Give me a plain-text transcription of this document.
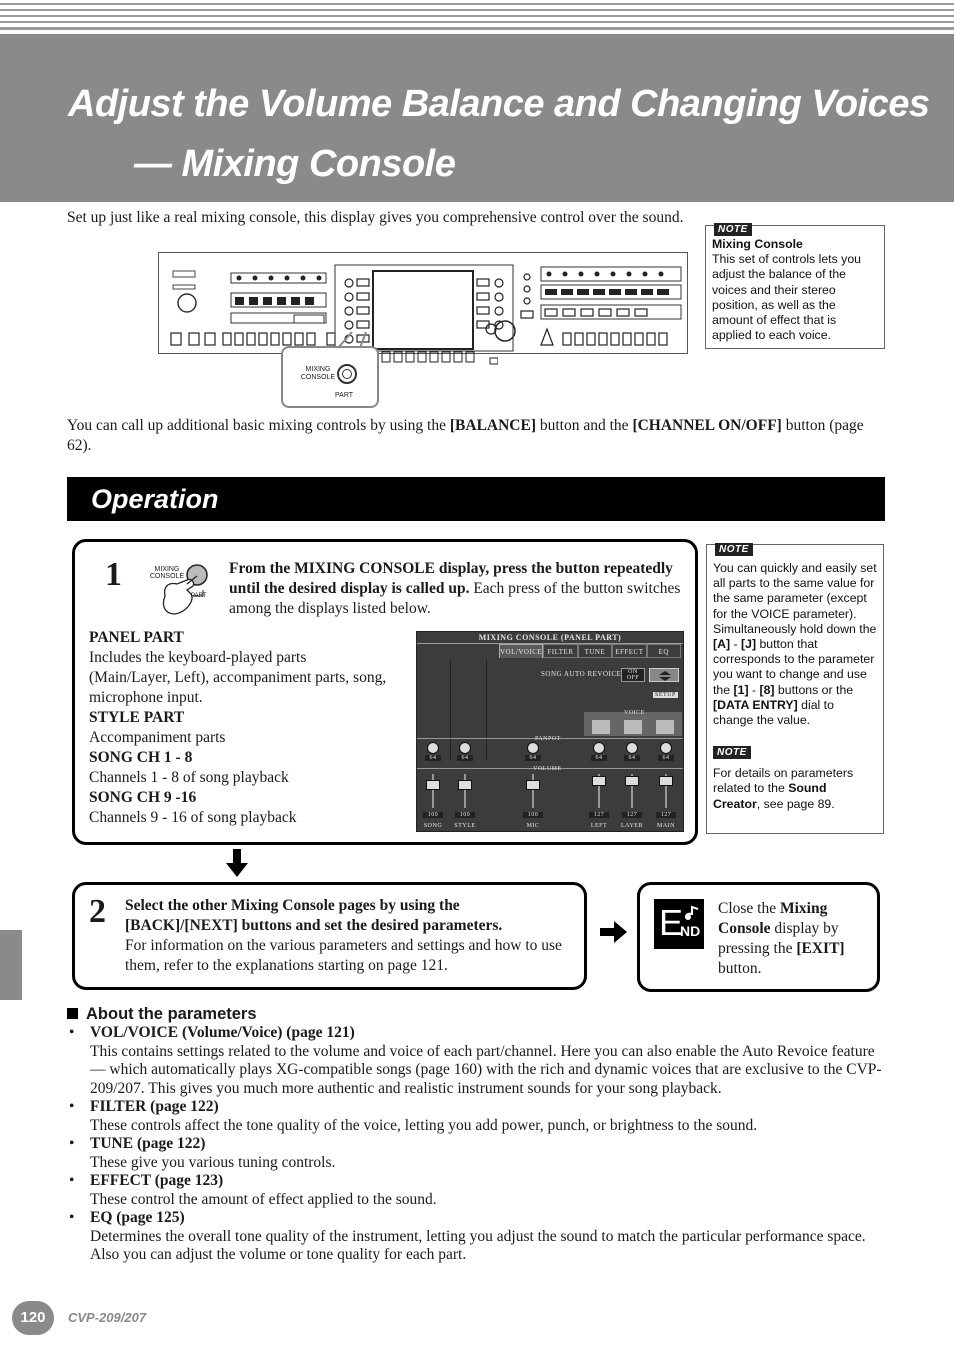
Adjust the Volume Balance and Changing Voices
— Mixing Console
Set up just like a real mixing console, this display gives you comprehensive control over the sound.
MIXING
CONSOLE
PART
NOTE
Mixing Console
This set of controls lets you adjust the balance of the voices and their stereo position, as well as the amount of effect that is applied to each voice.
You can call up additional basic mixing controls by using the [BALANCE] button and the [CHANNEL ON/OFF] button (page 62).
Operation
1	MIXING
CONSOLE
PART
From the MIXING CONSOLE display, press the button repeatedly until the desired display is called up. Each press of the button switches among the displays listed below.
PANEL PART
Includes the keyboard-played parts (Main/Layer, Left), accompaniment parts, song, microphone input.
STYLE PART
Accompaniment parts
SONG CH 1 - 8
Channels 1 - 8 of song playback
SONG CH 9 -16
Channels 9 - 16 of song playback
MIXING CONSOLE (PANEL PART)
VOL/VOICE FILTER	TUNE	EFFECT	EQ
SONG AUTO REVOICE	ON
OFF
SETUP
VOICE
PANPOT
64	64	64	64	64	64
VOLUME
100	100	100	127	127	127
SONG	STYLE	MIC	LEFT	LAYER	MAIN
NOTE
You can quickly and easily set all parts to the same value for the same parameter (except for the VOICE parameter). Simultaneously hold down the [A] - [J] button that corresponds to the parameter you want to change and use the [1] - [8] buttons or the [DATA ENTRY] dial to change the value.
NOTE
For details on parameters related to the Sound Creator, see page 89.
2 Select the other Mixing Console pages by using the [BACK]/[NEXT] buttons and set the desired parameters.
For information on the various parameters and settings and how to use them, refer to the explanations starting on page 121.
E
ND
Close the Mixing Console display by pressing the [EXIT] button.
About the parameters
• VOL/VOICE (Volume/Voice) (page 121)
This contains settings related to the volume and voice of each part/channel. Here you can also enable the Auto Revoice feature — which automatically plays XG-compatible songs (page 160) with the rich and dynamic voices that are exclusive to the CVP-209/207. This gives you much more authentic and realistic instrument sounds for your song playback.
• FILTER (page 122)
These controls affect the tone quality of the voice, letting you add power, punch, or brightness to the sound.
• TUNE (page 122)
These give you various tuning controls.
• EFFECT (page 123)
These control the amount of effect applied to the sound.
• EQ (page 125)
Determines the overall tone quality of the instrument, letting you adjust the sound to match the particular performance space. Also you can adjust the volume or tone quality for each part.
120	CVP-209/207
